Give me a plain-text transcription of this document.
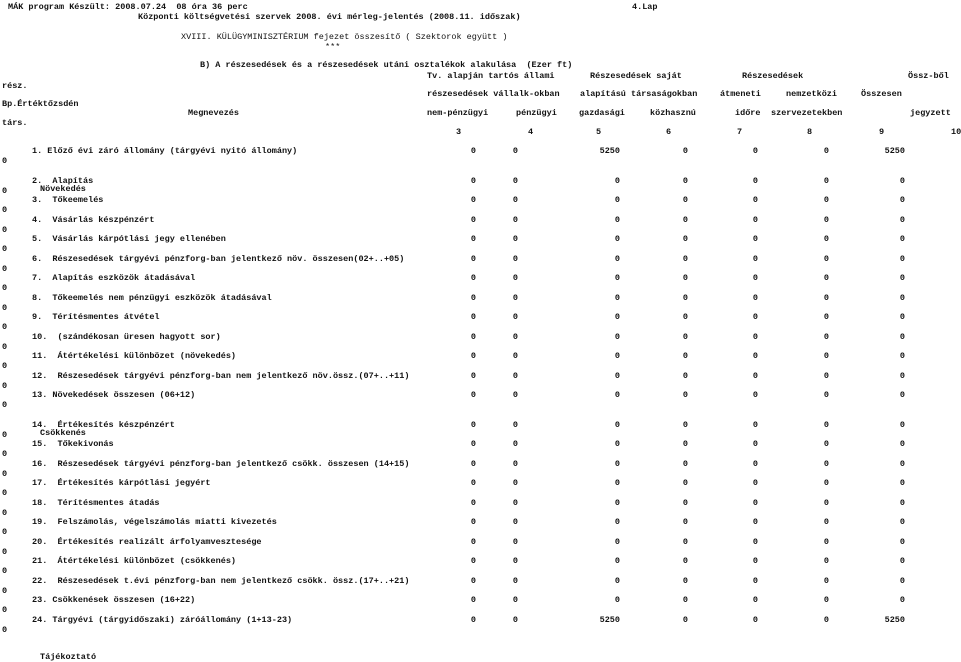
MÁK program Készült: 2008.07.24  08 óra 36 perc	4.Lap
Központi költségvetési szervek 2008. évi mérleg-jelentés (2008.11. időszak)
XVIII. KÜLÜGYMINISZTÉRIUM fejezet összesítő ( Szektorok együtt )
***
B) A részesedések és a részesedések utáni osztalékok alakulása  (Ezer ft)
Tv. alapján tartós állami	Részesedések saját	Részesedések	Össz-ből
rész.
részesedések vállalk-okban alapítású társaságokban	átmeneti	nemzetközi	Összesen
Bp.Értéktőzsdén
Megnevezés	nem-pénzügyi	pénzügyi	gazdasági	közhasznú	időre szervezetekben	jegyzett
társ.
3	4	5	6	7	8	9	10
1. Előző évi záró állomány (tárgyévi nyitó állomány)	0	0	5250	0	0	0	5250
0
Növekedés
2.  Alapítás	0	0	0	0	0	0	0
0
3.  Tőkeemelés	0	0	0	0	0	0	0
0
4.  Vásárlás készpénzért	0	0	0	0	0	0	0
0
5.  Vásárlás kárpótlási jegy ellenében	0	0	0	0	0	0	0
0
6.  Részesedések tárgyévi pénzforg-ban jelentkező növ. összesen(02+..+05)	0	0	0	0	0	0	0
0
7.  Alapítás eszközök átadásával	0	0	0	0	0	0	0
0
8.  Tőkeemelés nem pénzügyi eszközök átadásával	0	0	0	0	0	0	0
0
9.  Térítésmentes átvétel	0	0	0	0	0	0	0
0
10.  (szándékosan üresen hagyott sor)	0	0	0	0	0	0	0
0
11.  Átértékelési különbözet (növekedés)	0	0	0	0	0	0	0
0
12.  Részesedések tárgyévi pénzforg-ban nem jelentkező növ.össz.(07+..+11)	0	0	0	0	0	0	0
0
13. Növekedések összesen (06+12)	0	0	0	0	0	0	0
0
Csökkenés
14.  Értékesítés készpénzért	0	0	0	0	0	0	0
0
15.  Tőkekivonás	0	0	0	0	0	0	0
0
16.  Részesedések tárgyévi pénzforg-ban jelentkező csökk. összesen (14+15)	0	0	0	0	0	0	0
0
17.  Értékesítés kárpótlási jegyért	0	0	0	0	0	0	0
0
18.  Térítésmentes átadás	0	0	0	0	0	0	0
0
19.  Felszámolás, végelszámolás miatti kivezetés	0	0	0	0	0	0	0
0
20.  Értékesítés realizált árfolyamvesztesége	0	0	0	0	0	0	0
0
21.  Átértékelési különbözet (csökkenés)	0	0	0	0	0	0	0
0
22.  Részesedések t.évi pénzforg-ban nem jelentkező csökk. össz.(17+..+21)	0	0	0	0	0	0	0
0
23. Csökkenések összesen (16+22)	0	0	0	0	0	0	0
0
24. Tárgyévi (tárgyidőszaki) záróállomány (1+13-23)	0	0	5250	0	0	0	5250
0
Tájékoztató
